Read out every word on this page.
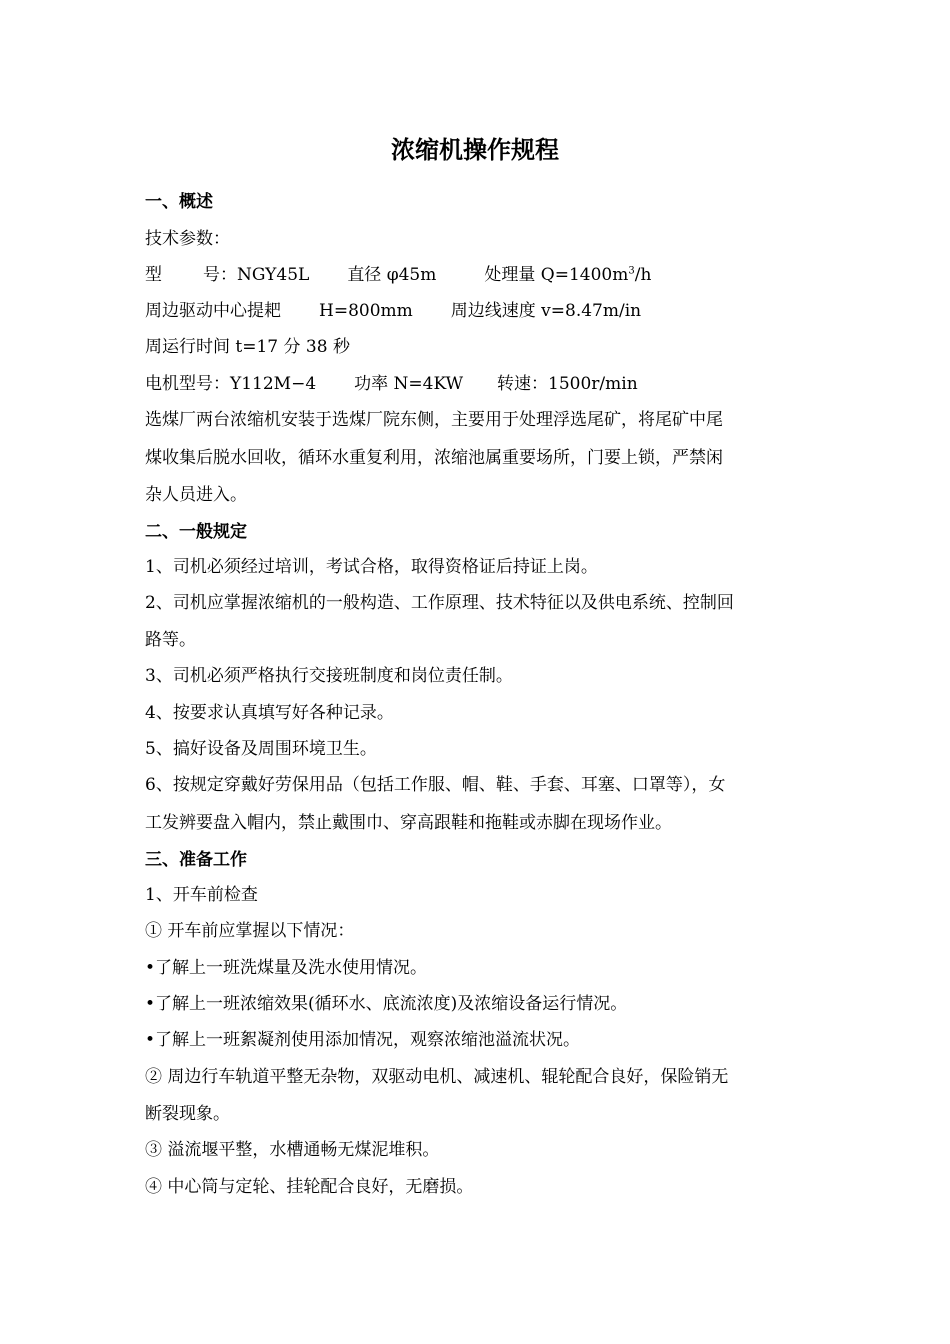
浓缩机操作规程
一、概述
技术参数：
型 号：NGY45L 直径 φ45m	处理量 $Q=1400m^3/h$
周边驱动中心提耙 H=800mm 周边线速度 v=8.47m/in
周运行时间 t=17 分 38 秒
电机型号：Y112M−4 功率 N=4KW 转速：1500r/min
选煤厂两台浓缩机安装于选煤厂院东侧，主要用于处理浮选尾矿，将尾矿中尾
煤收集后脱水回收，循环水重复利用，浓缩池属重要场所，门要上锁，严禁闲
杂人员进入。
二、一般规定
1、司机必须经过培训，考试合格，取得资格证后持证上岗。
2、司机应掌握浓缩机的一般构造、工作原理、技术特征以及供电系统、控制回
路等。
3、司机必须严格执行交接班制度和岗位责任制。
4、按要求认真填写好各种记录。
5、搞好设备及周围环境卫生。
6、按规定穿戴好劳保用品（包括工作服、帽、鞋、手套、耳塞、口罩等），女
工发辨要盘入帽内，禁止戴围巾、穿高跟鞋和拖鞋或赤脚在现场作业。
三、准备工作
1、开车前检查
① 开车前应掌握以下情况：
•了解上一班洗煤量及洗水使用情况。
•了解上一班浓缩效果(循环水、底流浓度)及浓缩设备运行情况。
•了解上一班絮凝剂使用添加情况，观察浓缩池溢流状况。
② 周边行车轨道平整无杂物，双驱动电机、减速机、辊轮配合良好，保险销无
断裂现象。
③ 溢流堰平整，水槽通畅无煤泥堆积。
④ 中心筒与定轮、挂轮配合良好，无磨损。
